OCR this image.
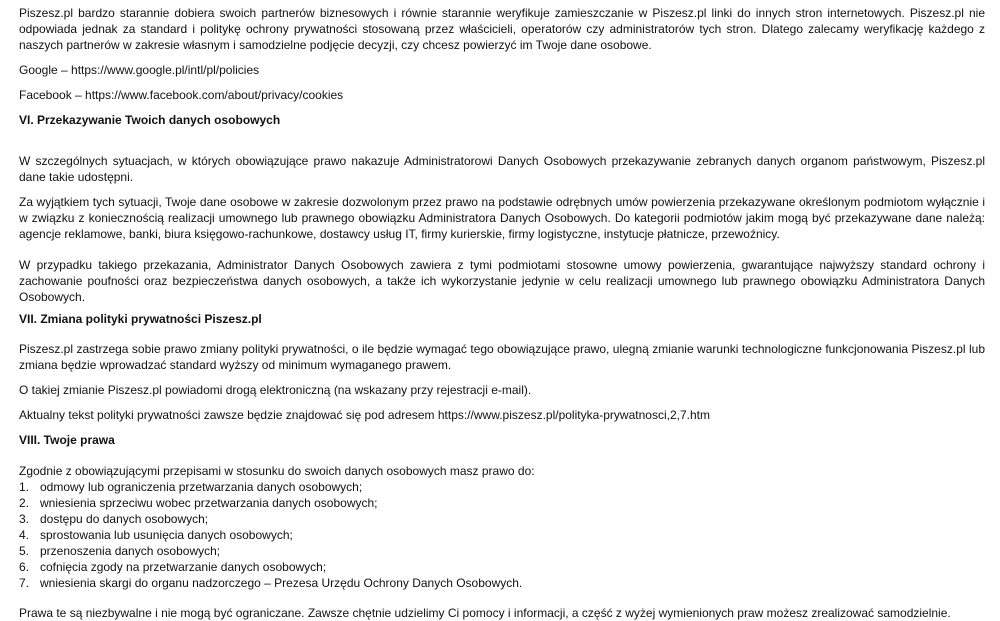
Piszesz.pl bardzo starannie dobiera swoich partnerów biznesowych i równie starannie weryfikuje zamieszczanie w Piszesz.pl linki do innych stron internetowych. Piszesz.pl nie odpowiada jednak za standard i politykę ochrony prywatności stosowaną przez właścicieli, operatorów czy administratorów tych stron. Dlatego zalecamy weryfikację każdego z naszych partnerów w zakresie własnym i samodzielne podjęcie decyzji, czy chcesz powierzyć im Twoje dane osobowe.

Google – https://www.google.pl/intl/pl/policies

Facebook – https://www.facebook.com/about/privacy/cookies

VI. Przekazywanie Twoich danych osobowych

W szczególnych sytuacjach, w których obowiązujące prawo nakazuje Administratorowi Danych Osobowych przekazywanie zebranych danych organom państwowym, Piszesz.pl dane takie udostępni.

Za wyjątkiem tych sytuacji, Twoje dane osobowe w zakresie dozwolonym przez prawo na podstawie odrębnych umów powierzenia przekazywane określonym podmiotom wyłącznie i w związku z koniecznością realizacji umownego lub prawnego obowiązku Administratora Danych Osobowych. Do kategorii podmiotów jakim mogą być przekazywane dane należą: agencje reklamowe, banki, biura księgowo-rachunkowe, dostawcy usług IT, firmy kurierskie, firmy logistyczne, instytucje płatnicze, przewoźnicy.

W przypadku takiego przekazania, Administrator Danych Osobowych zawiera z tymi podmiotami stosowne umowy powierzenia, gwarantujące najwyższy standard ochrony i zachowanie poufności oraz bezpieczeństwa danych osobowych, a także ich wykorzystanie jedynie w celu realizacji umownego lub prawnego obowiązku Administratora Danych Osobowych.

VII. Zmiana polityki prywatności Piszesz.pl

Piszesz.pl zastrzega sobie prawo zmiany polityki prywatności, o ile będzie wymagać tego obowiązujące prawo, ulegną zmianie warunki technologiczne funkcjonowania Piszesz.pl lub zmiana będzie wprowadzać standard wyższy od minimum wymaganego prawem.

O takiej zmianie Piszesz.pl powiadomi drogą elektroniczną (na wskazany przy rejestracji e-mail).

Aktualny tekst polityki prywatności zawsze będzie znajdować się pod adresem https://www.piszesz.pl/polityka-prywatnosci,2,7.htm

VIII. Twoje prawa

Zgodnie z obowiązującymi przepisami w stosunku do swoich danych osobowych masz prawo do:

1. odmowy lub ograniczenia przetwarzania danych osobowych;
2. wniesienia sprzeciwu wobec przetwarzania danych osobowych;
3. dostępu do danych osobowych;
4. sprostowania lub usunięcia danych osobowych;
5. przenoszenia danych osobowych;
6. cofnięcia zgody na przetwarzanie danych osobowych;
7. wniesienia skargi do organu nadzorczego – Prezesa Urzędu Ochrony Danych Osobowych.

Prawa te są niezbywalne i nie mogą być ograniczane. Zawsze chętnie udzielimy Ci pomocy i informacji, a część z wyżej wymienionych praw możesz zrealizować samodzielnie.
